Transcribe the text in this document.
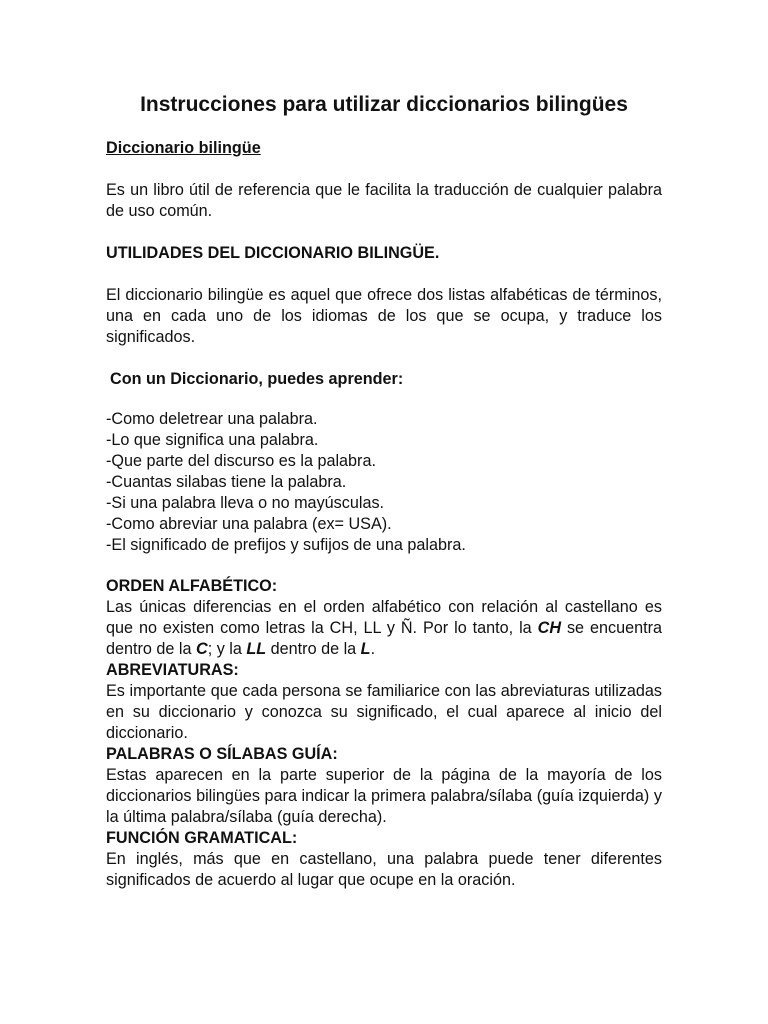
Instrucciones para utilizar diccionarios bilingües

Diccionario bilingüe

Es un libro útil de referencia que le facilita la traducción de cualquier palabra de uso común.

UTILIDADES DEL DICCIONARIO BILINGÜE.

El diccionario bilingüe es aquel que ofrece dos listas alfabéticas de términos, una en cada uno de los idiomas de los que se ocupa, y traduce los significados.

Con un Diccionario, puedes aprender:

-Como deletrear una palabra.
-Lo que significa una palabra.
-Que parte del discurso es la palabra.
-Cuantas silabas tiene la palabra.
-Si una palabra lleva o no mayúsculas.
-Como abreviar una palabra (ex= USA).
-El significado de prefijos y sufijos de una palabra.
ORDEN ALFABÉTICO:

Las únicas diferencias en el orden alfabético con relación al castellano es que no existen como letras la CH, LL y Ñ. Por lo tanto, la CH se encuentra dentro de la C; y la LL dentro de la L.

ABREVIATURAS:

Es importante que cada persona se familiarice con las abreviaturas utilizadas en su diccionario y conozca su significado, el cual aparece al inicio del diccionario.

PALABRAS O SÍLABAS GUÍA:

Estas aparecen en la parte superior de la página de la mayoría de los diccionarios bilingües para indicar la primera palabra/sílaba (guía izquierda) y la última palabra/sílaba (guía derecha).

FUNCIÓN GRAMATICAL:

En inglés, más que en castellano, una palabra puede tener diferentes significados de acuerdo al lugar que ocupe en la oración.
